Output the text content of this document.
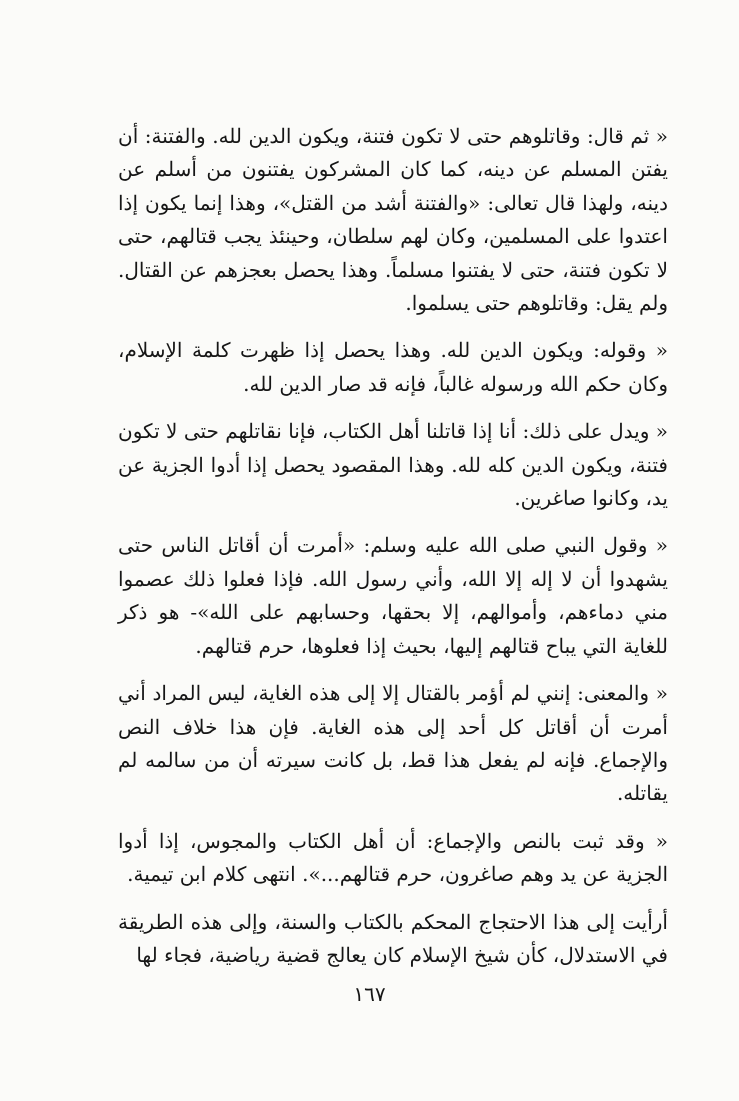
« ثم قال: وقاتلوهم حتى لا تكون فتنة، ويكون الدين لله. والفتنة: أن يفتن المسلم عن دينه، كما كان المشركون يفتنون من أسلم عن دينه، ولهذا قال تعالى: «والفتنة أشد من القتل»، وهذا إنما يكون إذا اعتدوا على المسلمين، وكان لهم سلطان، وحينئذ يجب قتالهم، حتى لا تكون فتنة، حتى لا يفتنوا مسلماً. وهذا يحصل بعجزهم عن القتال. ولم يقل: وقاتلوهم حتى يسلموا.

« وقوله: ويكون الدين لله. وهذا يحصل إذا ظهرت كلمة الإسلام، وكان حكم الله ورسوله غالباً، فإنه قد صار الدين لله.

« ويدل على ذلك: أنا إذا قاتلنا أهل الكتاب، فإنا نقاتلهم حتى لا تكون فتنة، ويكون الدين كله لله. وهذا المقصود يحصل إذا أدوا الجزية عن يد، وكانوا صاغرين.

« وقول النبي صلى الله عليه وسلم: «أمرت أن أقاتل الناس حتى يشهدوا أن لا إله إلا الله، وأني رسول الله. فإذا فعلوا ذلك عصموا مني دماءهم، وأموالهم، إلا بحقها، وحسابهم على الله»- هو ذكر للغاية التي يباح قتالهم إليها، بحيث إذا فعلوها، حرم قتالهم.

« والمعنى: إنني لم أؤمر بالقتال إلا إلى هذه الغاية، ليس المراد أني أمرت أن أقاتل كل أحد إلى هذه الغاية. فإن هذا خلاف النص والإجماع. فإنه لم يفعل هذا قط، بل كانت سيرته أن من سالمه لم يقاتله.

« وقد ثبت بالنص والإجماع: أن أهل الكتاب والمجوس، إذا أدوا الجزية عن يد وهم صاغرون، حرم قتالهم...». انتهى كلام ابن تيمية.

أرأيت إلى هذا الاحتجاج المحكم بالكتاب والسنة، وإلى هذه الطريقة في الاستدلال، كأن شيخ الإسلام كان يعالج قضية رياضية، فجاء لها

١٦٧
